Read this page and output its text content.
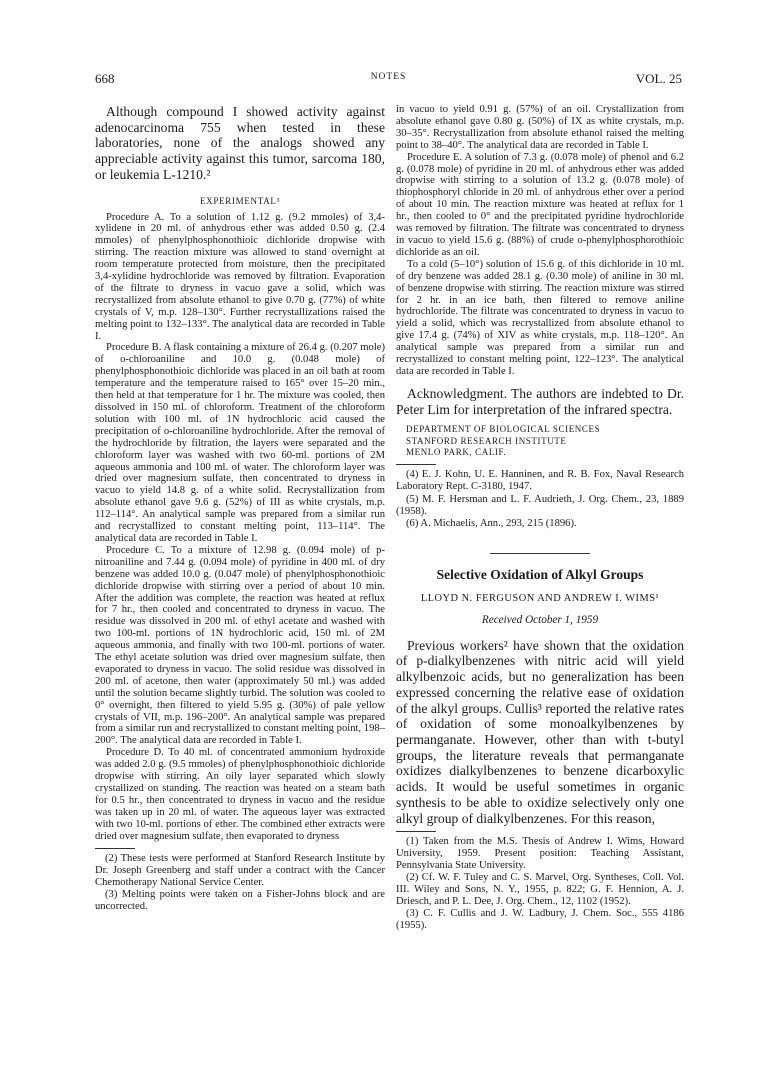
668	NOTES	VOL. 25

Although compound I showed activity against adenocarcinoma 755 when tested in these laboratories, none of the analogs showed any appreciable activity against this tumor, sarcoma 180, or leukemia L-1210.²

EXPERIMENTAL³

Procedure A. To a solution of 1.12 g. (9.2 mmoles) of 3,4-xylidene in 20 ml. of anhydrous ether was added 0.50 g. (2.4 mmoles) of phenylphosphonothioic dichloride dropwise with stirring. The reaction mixture was allowed to stand overnight at room temperature protected from moisture, then the precipitated 3,4-xylidine hydrochloride was removed by filtration. Evaporation of the filtrate to dryness in vacuo gave a solid, which was recrystallized from absolute ethanol to give 0.70 g. (77%) of white crystals of V, m.p. 128–130°. Further recrystallizations raised the melting point to 132–133°. The analytical data are recorded in Table I.

Procedure B. A flask containing a mixture of 26.4 g. (0.207 mole) of o-chloroaniline and 10.0 g. (0.048 mole) of phenylphosphonothioic dichloride was placed in an oil bath at room temperature and the temperature raised to 165° over 15–20 min., then held at that temperature for 1 hr. The mixture was cooled, then dissolved in 150 ml. of chloroform. Treatment of the chloroform solution with 100 ml. of 1N hydrochloric acid caused the precipitation of o-chloroaniline hydrochloride. After the removal of the hydrochloride by filtration, the layers were separated and the chloroform layer was washed with two 60-ml. portions of 2M aqueous ammonia and 100 ml. of water. The chloroform layer was dried over magnesium sulfate, then concentrated to dryness in vacuo to yield 14.8 g. of a white solid. Recrystallization from absolute ethanol gave 9.6 g. (52%) of III as white crystals, m.p. 112–114°. An analytical sample was prepared from a similar run and recrystallized to constant melting point, 113–114°. The analytical data are recorded in Table I.

Procedure C. To a mixture of 12.98 g. (0.094 mole) of p-nitroaniline and 7.44 g. (0.094 mole) of pyridine in 400 ml. of dry benzene was added 10.0 g. (0.047 mole) of phenylphosphonothioic dichloride dropwise with stirring over a period of about 10 min. After the addition was complete, the reaction was heated at reflux for 7 hr., then cooled and concentrated to dryness in vacuo. The residue was dissolved in 200 ml. of ethyl acetate and washed with two 100-ml. portions of 1N hydrochloric acid, 150 ml. of 2M aqueous ammonia, and finally with two 100-ml. portions of water. The ethyl acetate solution was dried over magnesium sulfate, then evaporated to dryness in vacuo. The solid residue was dissolved in 200 ml. of acetone, then water (approximately 50 ml.) was added until the solution became slightly turbid. The solution was cooled to 0° overnight, then filtered to yield 5.95 g. (30%) of pale yellow crystals of VII, m.p. 196–200°. An analytical sample was prepared from a similar run and recrystallized to constant melting point, 198–200°. The analytical data are recorded in Table I.

Procedure D. To 40 ml. of concentrated ammonium hydroxide was added 2.0 g. (9.5 mmoles) of phenylphosphonothioic dichloride dropwise with stirring. An oily layer separated which slowly crystallized on standing. The reaction was heated on a steam bath for 0.5 hr., then concentrated to dryness in vacuo and the residue was taken up in 20 ml. of water. The aqueous layer was extracted with two 10-ml. portions of ether. The combined ether extracts were dried over magnesium sulfate, then evaporated to dryness

(2) These tests were performed at Stanford Research Institute by Dr. Joseph Greenberg and staff under a contract with the Cancer Chemotherapy National Service Center.

(3) Melting points were taken on a Fisher-Johns block and are uncorrected.

in vacuo to yield 0.91 g. (57%) of an oil. Crystallization from absolute ethanol gave 0.80 g. (50%) of IX as white crystals, m.p. 30–35°. Recrystallization from absolute ethanol raised the melting point to 38–40°. The analytical data are recorded in Table I.

Procedure E. A solution of 7.3 g. (0.078 mole) of phenol and 6.2 g. (0.078 mole) of pyridine in 20 ml. of anhydrous ether was added dropwise with stirring to a solution of 13.2 g. (0.078 mole) of thiophosphoryl chloride in 20 ml. of anhydrous ether over a period of about 10 min. The reaction mixture was heated at reflux for 1 hr., then cooled to 0° and the precipitated pyridine hydrochloride was removed by filtration. The filtrate was concentrated to dryness in vacuo to yield 15.6 g. (88%) of crude o-phenylphosphorothioic dichloride as an oil.

To a cold (5–10°) solution of 15.6 g. of this dichloride in 10 ml. of dry benzene was added 28.1 g. (0.30 mole) of aniline in 30 ml. of benzene dropwise with stirring. The reaction mixture was stirred for 2 hr. in an ice bath, then filtered to remove aniline hydrochloride. The filtrate was concentrated to dryness in vacuo to yield a solid, which was recrystallized from absolute ethanol to give 17.4 g. (74%) of XIV as white crystals, m.p. 118–120°. An analytical sample was prepared from a similar run and recrystallized to constant melting point, 122–123°. The analytical data are recorded in Table I.

Acknowledgment. The authors are indebted to Dr. Peter Lim for interpretation of the infrared spectra.

DEPARTMENT OF BIOLOGICAL SCIENCES

STANFORD RESEARCH INSTITUTE

MENLO PARK, CALIF.

(4) E. J. Kohn, U. E. Hanninen, and R. B. Fox, Naval Research Laboratory Rept. C-3180, 1947.

(5) M. F. Hersman and L. F. Audrieth, J. Org. Chem., 23, 1889 (1958).

(6) A. Michaelis, Ann., 293, 215 (1896).

Selective Oxidation of Alkyl Groups

LLOYD N. FERGUSON AND ANDREW I. WIMS¹

Received October 1, 1959

Previous workers² have shown that the oxidation of p-dialkylbenzenes with nitric acid will yield alkylbenzoic acids, but no generalization has been expressed concerning the relative ease of oxidation of the alkyl groups. Cullis³ reported the relative rates of oxidation of some monoalkylbenzenes by permanganate. However, other than with t-butyl groups, the literature reveals that permanganate oxidizes dialkylbenzenes to benzene dicarboxylic acids. It would be useful sometimes in organic synthesis to be able to oxidize selectively only one alkyl group of dialkylbenzenes. For this reason,

(1) Taken from the M.S. Thesis of Andrew I. Wims, Howard University, 1959. Present position: Teaching Assistant, Pennsylvania State University.

(2) Cf. W. F. Tuley and C. S. Marvel, Org. Syntheses, Coll. Vol. III. Wiley and Sons, N. Y., 1955, p. 822; G. F. Hennion, A. J. Driesch, and P. L. Dee, J. Org. Chem., 12, 1102 (1952).

(3) C. F. Cullis and J. W. Ladbury, J. Chem. Soc., 555 4186 (1955).
